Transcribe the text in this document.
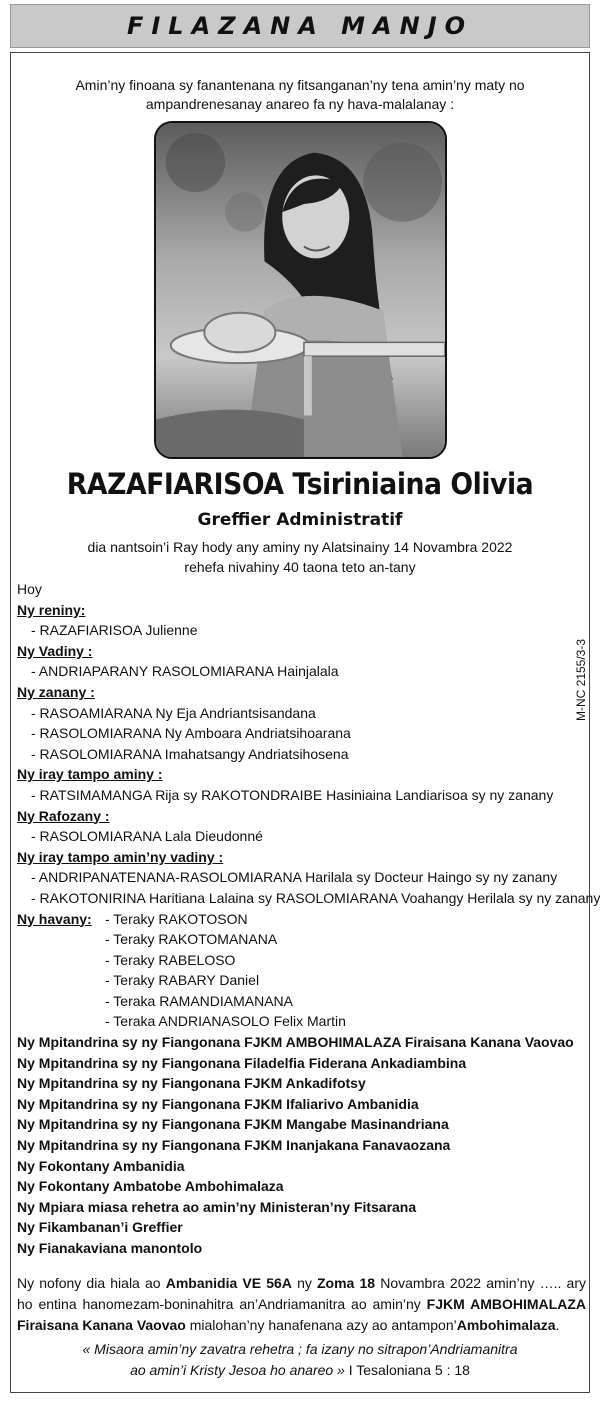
FILAZANA MANJO
Amin’ny finoana sy fanantenana ny fitsanganan’ny tena amin’ny maty no
ampandrenesanay anareo fa ny hava-malalanay :
RAZAFIARISOA Tsiriniaina Olivia
Greffier Administratif
dia nantsoin’i Ray hody any aminy ny Alatsinainy 14 Novambra 2022
rehefa nivahiny 40 taona teto an-tany
M-NC 2155/3-3
Hoy
Ny reniny:
- RAZAFIARISOA Julienne
Ny Vadiny :
- ANDRIAPARANY RASOLOMIARANA Hainjalala
Ny zanany :
- RASOAMIARANA Ny Eja Andriantsisandana
- RASOLOMIARANA Ny Amboara Andriatsihoarana
- RASOLOMIARANA Imahatsangy Andriatsihosena
Ny iray tampo aminy :
- RATSIMAMANGA Rija sy RAKOTONDRAIBE Hasiniaina Landiarisoa sy ny zanany
Ny Rafozany :
- RASOLOMIARANA Lala Dieudonné
Ny iray tampo amin’ny vadiny :
- ANDRIPANATENANA-RASOLOMIARANA Harilala sy Docteur Haingo sy ny zanany
- RAKOTONIRINA Haritiana Lalaina sy RASOLOMIARANA Voahangy Herilala sy ny zanany
Ny havany: - Teraky RAKOTOSON
- Teraky RAKOTOMANANA
- Teraky RABELOSO
- Teraky RABARY Daniel
- Teraka RAMANDIAMANANA
- Teraka ANDRIANASOLO Felix Martin
Ny Mpitandrina sy ny Fiangonana FJKM AMBOHIMALAZA Firaisana Kanana Vaovao
Ny Mpitandrina sy ny Fiangonana Filadelfia Fiderana Ankadiambina
Ny Mpitandrina sy ny Fiangonana FJKM Ankadifotsy
Ny Mpitandrina sy ny Fiangonana FJKM Ifaliarivo Ambanidia
Ny Mpitandrina sy ny Fiangonana FJKM Mangabe Masinandriana
Ny Mpitandrina sy ny Fiangonana FJKM Inanjakana Fanavaozana
Ny Fokontany Ambanidia
Ny Fokontany Ambatobe Ambohimalaza
Ny Mpiara miasa rehetra ao amin’ny Ministeran’ny Fitsarana
Ny Fikambanan’i Greffier
Ny Fianakaviana manontolo
Ny nofony dia hiala ao Ambanidia VE 56A ny Zoma 18 Novambra 2022 amin’ny ….. ary ho entina hanomezam-boninahitra an’Andriamanitra ao amin’ny FJKM AMBOHIMALAZA Firaisana Kanana Vaovao mialohan’ny hanafenana azy ao antampon’Ambohimalaza.
« Misaora amin’ny zavatra rehetra ; fa izany no sitrapon’Andriamanitra
ao amin’i Kristy Jesoa ho anareo » I Tesaloniana 5 : 18
